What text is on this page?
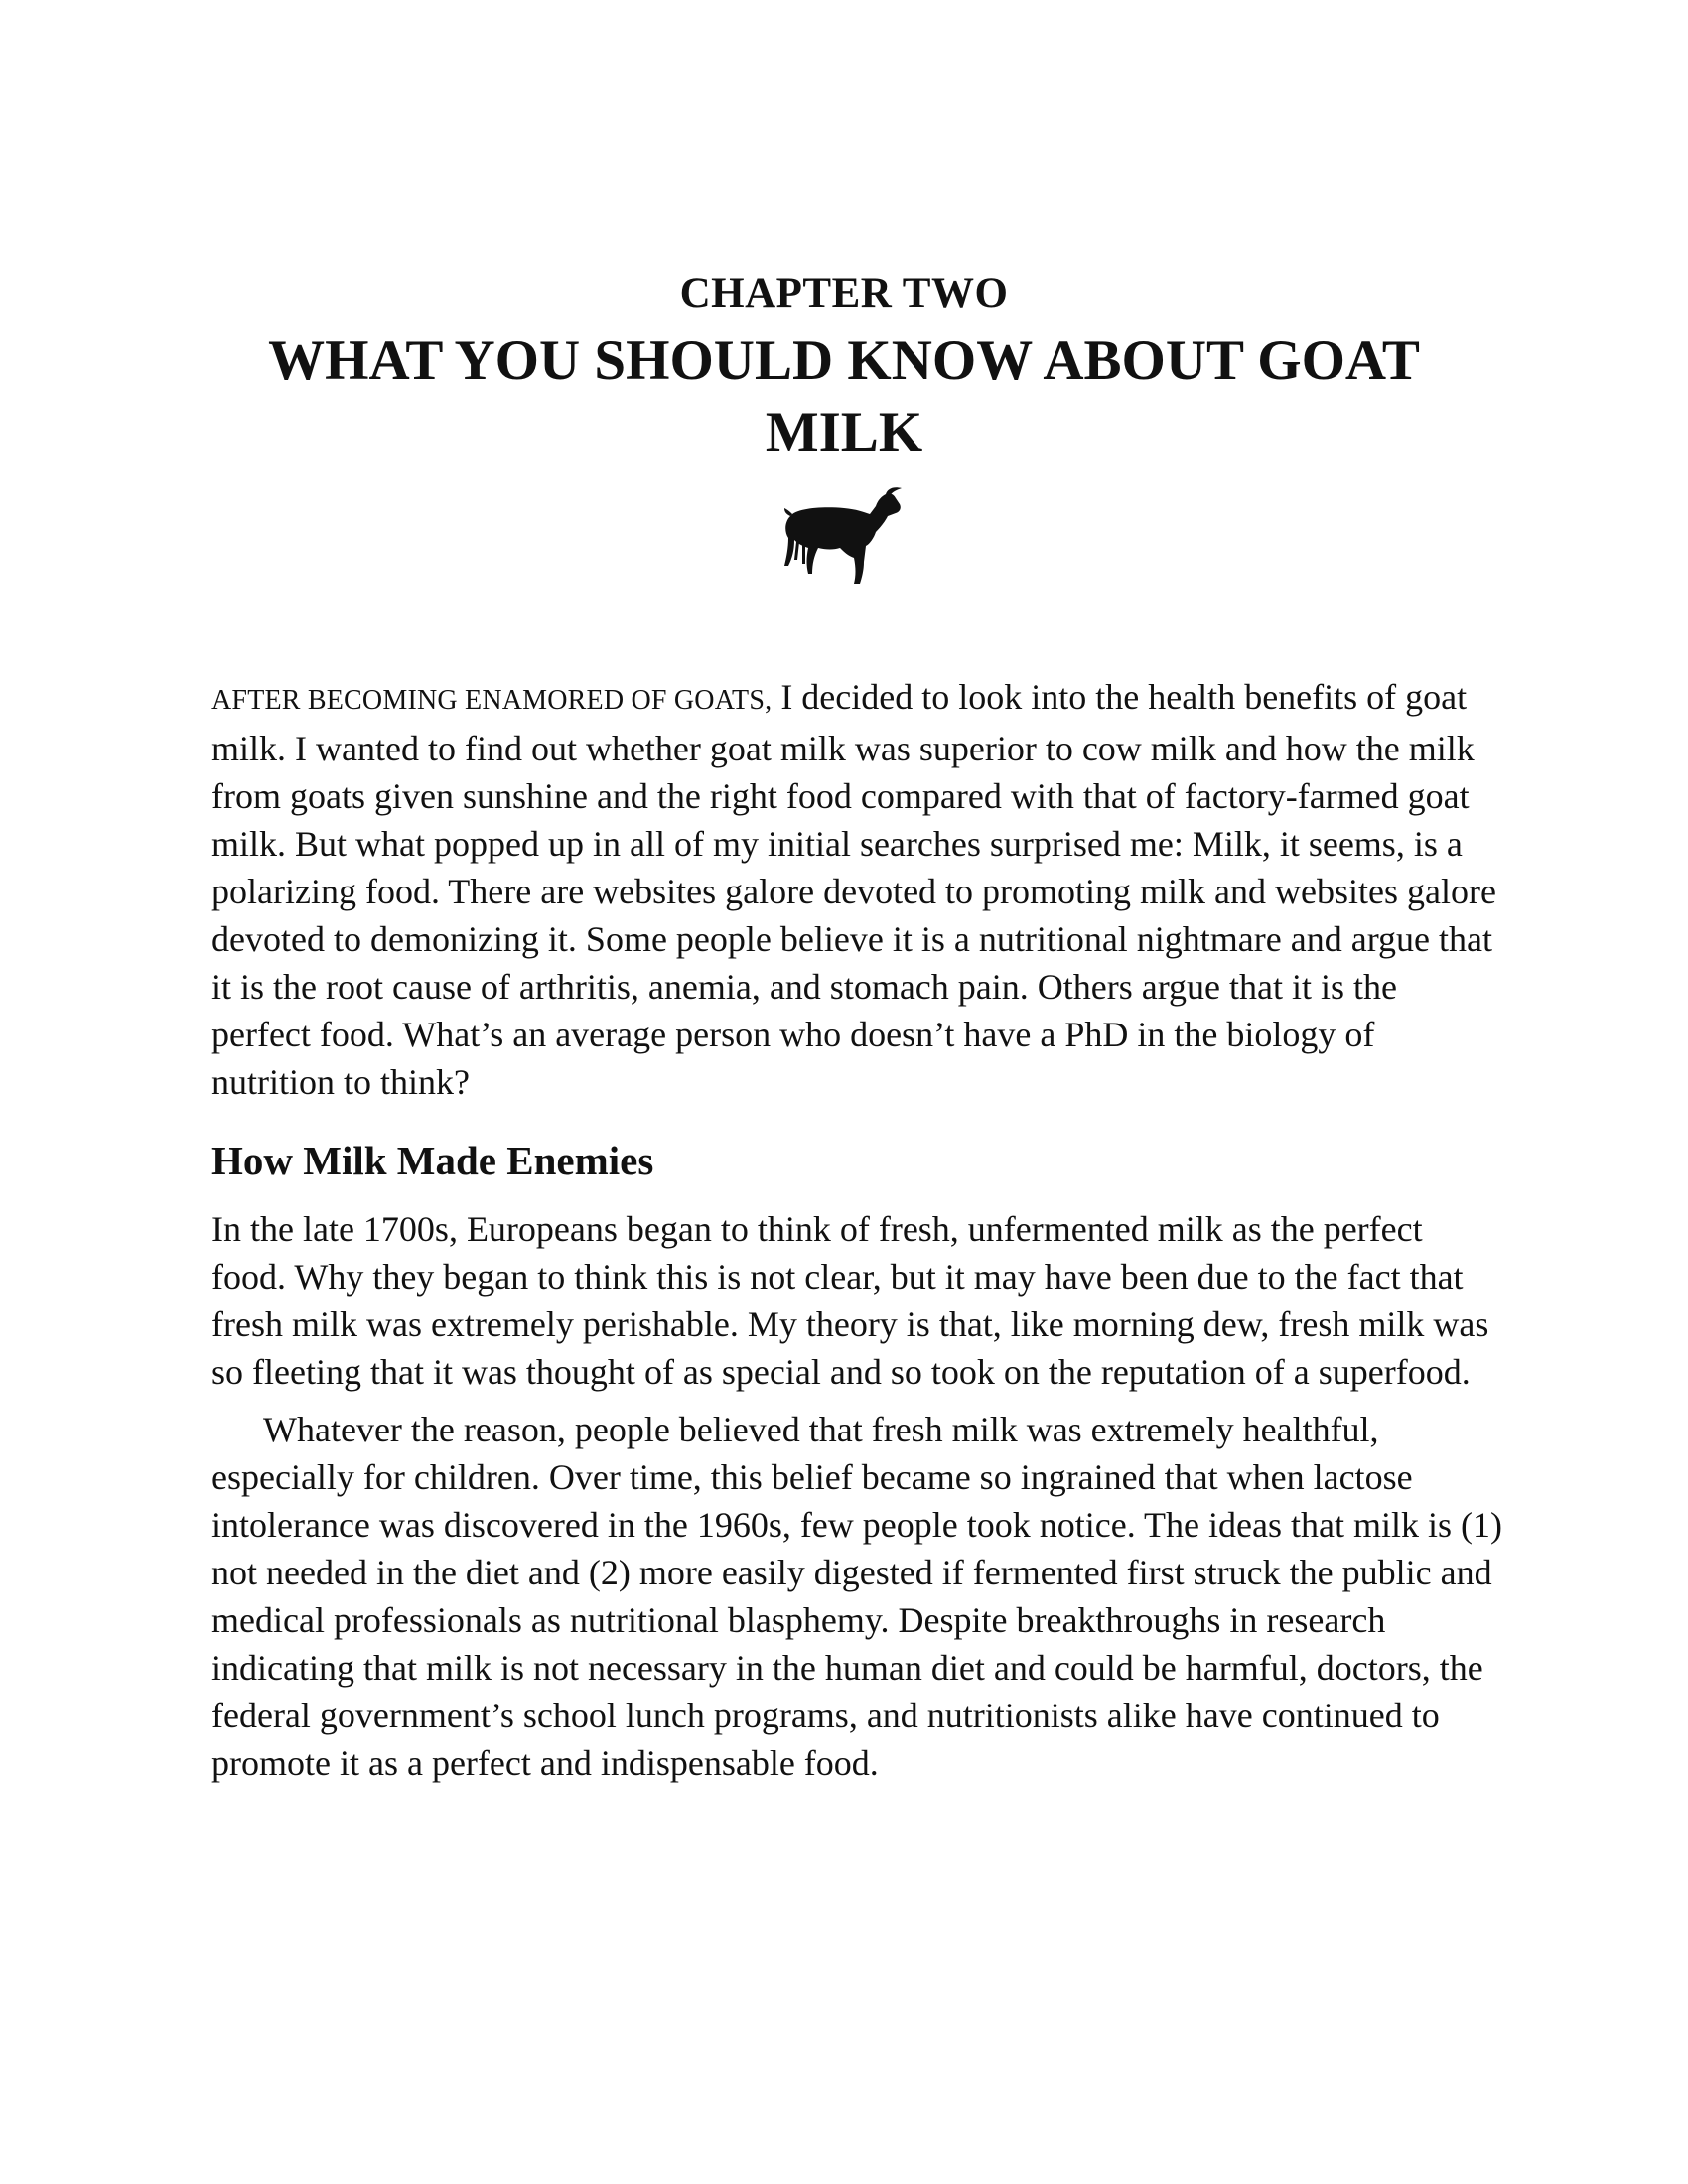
CHAPTER TWO
WHAT YOU SHOULD KNOW ABOUT GOAT MILK

AFTER BECOMING ENAMORED OF GOATS, I decided to look into the health benefits of goat milk. I wanted to find out whether goat milk was superior to cow milk and how the milk from goats given sunshine and the right food compared with that of factory-farmed goat milk. But what popped up in all of my initial searches surprised me: Milk, it seems, is a polarizing food. There are websites galore devoted to promoting milk and websites galore devoted to demonizing it. Some people believe it is a nutritional nightmare and argue that it is the root cause of arthritis, anemia, and stomach pain. Others argue that it is the perfect food. What’s an average person who doesn’t have a PhD in the biology of nutrition to think?

How Milk Made Enemies

In the late 1700s, Europeans began to think of fresh, unfermented milk as the perfect food. Why they began to think this is not clear, but it may have been due to the fact that fresh milk was extremely perishable. My theory is that, like morning dew, fresh milk was so fleeting that it was thought of as special and so took on the reputation of a superfood.

Whatever the reason, people believed that fresh milk was extremely healthful, especially for children. Over time, this belief became so ingrained that when lactose intolerance was discovered in the 1960s, few people took notice. The ideas that milk is (1) not needed in the diet and (2) more easily digested if fermented first struck the public and medical professionals as nutritional blasphemy. Despite breakthroughs in research indicating that milk is not necessary in the human diet and could be harmful, doctors, the federal government’s school lunch programs, and nutritionists alike have continued to promote it as a perfect and indispensable food.
